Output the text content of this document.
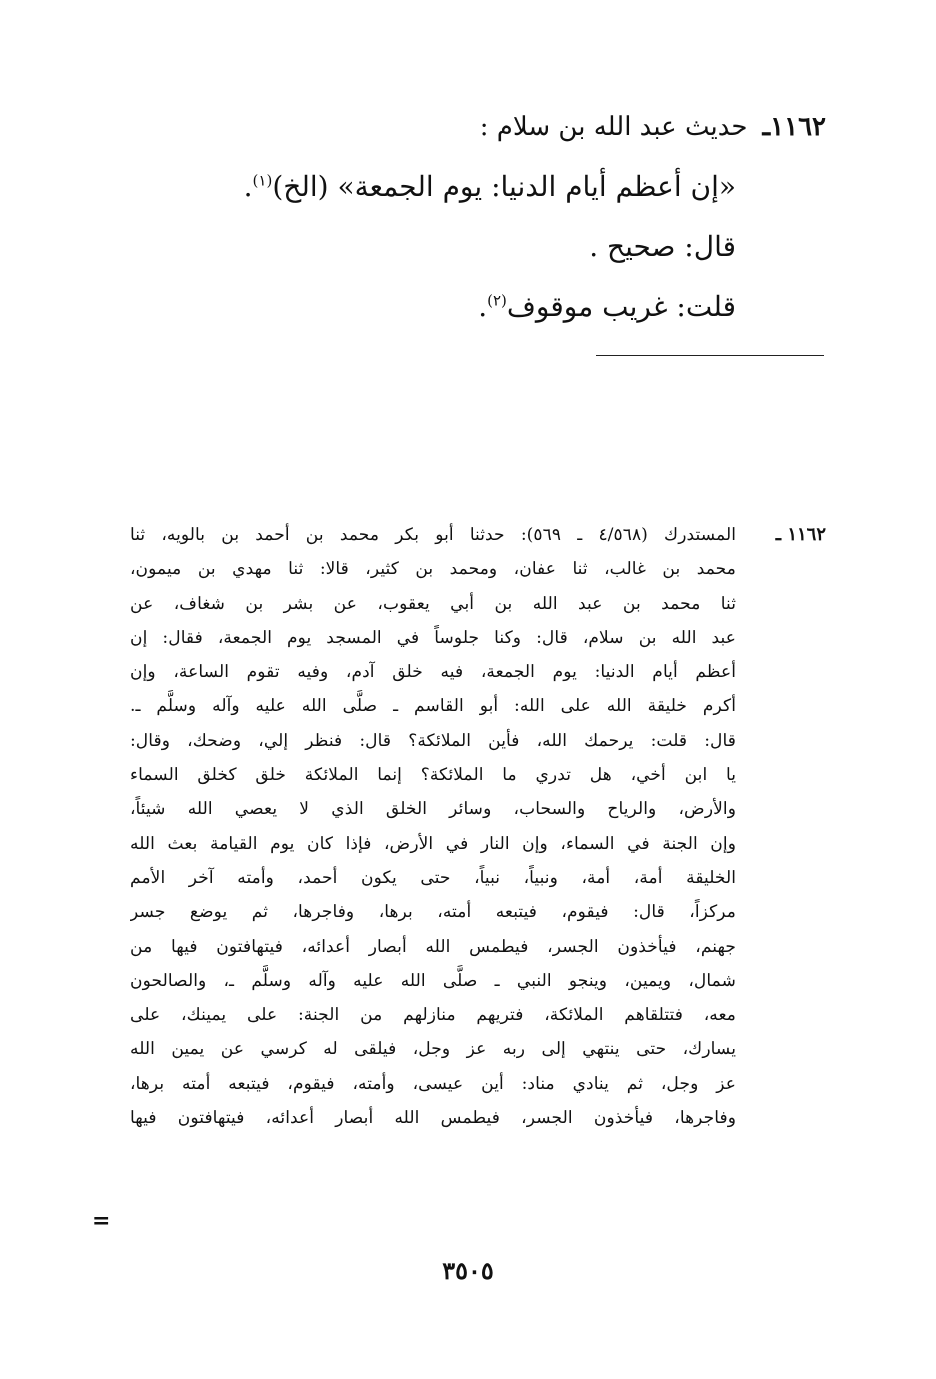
١١٦٢ـ حديث عبد الله بن سلام :
«إن أعظم أيام الدنيا: يوم الجمعة» (الخ)$^{(١)}$.
قال: صحيح .
قلت: غريب موقوف$^{(٢)}$.
١١٦٢ ـ
المستدرك (٤/٥٦٨ ـ ٥٦٩): حدثنا أبو بكر محمد بن أحمد بن بالويه، ثنا
محمد بن غالب، ثنا عفان، ومحمد بن كثير، قالا: ثنا مهدي بن ميمون،
ثنا محمد بن عبد الله بن أبي يعقوب، عن بشر بن شغاف، عن
عبد الله بن سلام، قال: وكنا جلوساً في المسجد يوم الجمعة، فقال: إن
أعظم أيام الدنيا: يوم الجمعة، فيه خلق آدم، وفيه تقوم الساعة، وإن
أكرم خليقة الله على الله: أبو القاسم ـ صلَّى الله عليه وآله وسلَّم ـ.
قال: قلت: يرحمك الله، فأين الملائكة؟ قال: فنظر إلي، وضحك، وقال:
يا ابن أخي، هل تدري ما الملائكة؟ إنما الملائكة خلق كخلق السماء
والأرض، والرياح والسحاب، وسائر الخلق الذي لا يعصي الله شيئاً،
وإن الجنة في السماء، وإن النار في الأرض، فإذا كان يوم القيامة بعث الله
الخليقة أمة، أمة، ونبياً، نبياً، حتى يكون أحمد، وأمته آخر الأمم
مركزاً، قال: فيقوم، فيتبعه أمته، برها، وفاجرها، ثم يوضع جسر
جهنم، فيأخذون الجسر، فيطمس الله أبصار أعدائه، فيتهافتون فيها من
شمال، ويمين، وينجو النبي ـ صلَّى الله عليه وآله وسلَّم ـ، والصالحون
معه، فتتلقاهم الملائكة، فتريهم منازلهم من الجنة: على يمينك، على
يسارك، حتى ينتهي إلى ربه عز وجل، فيلقى له كرسي عن يمين الله
عز وجل، ثم ينادي مناد: أين عيسى، وأمته، فيقوم، فيتبعه أمته برها،
وفاجرها، فيأخذون الجسر، فيطمس الله أبصار أعدائه، فيتهافتون فيها
=
٣٥٠٥
